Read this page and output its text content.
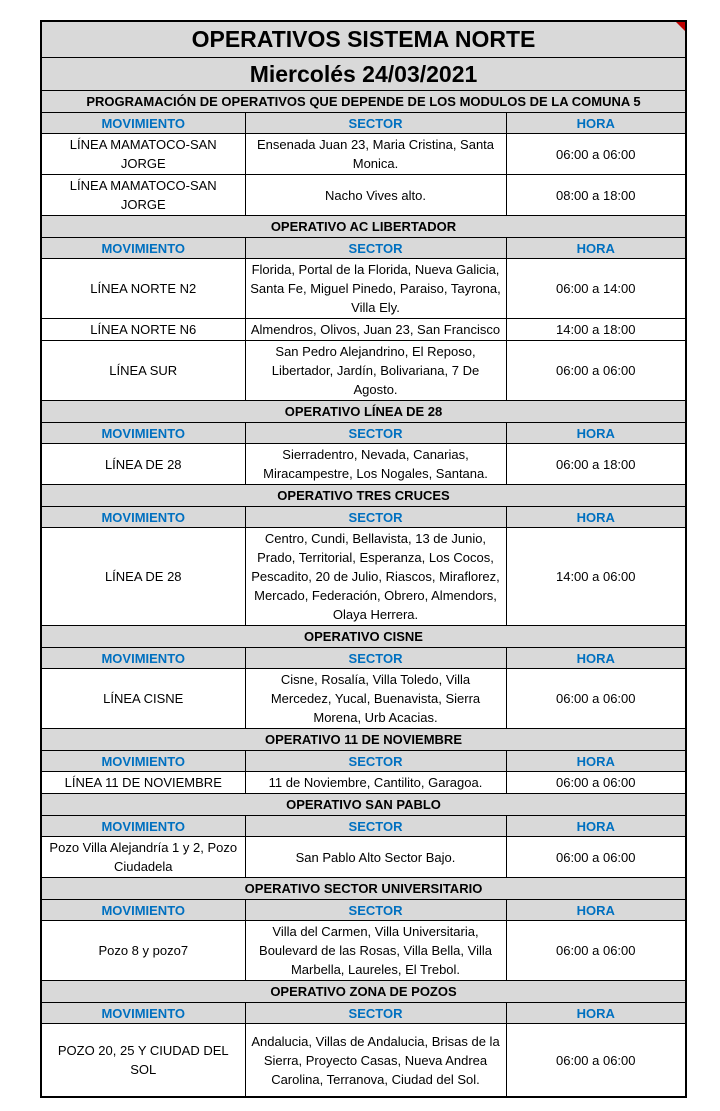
OPERATIVOS SISTEMA NORTE		

Miercolés 24/03/2021		
PROGRAMACIÓN DE OPERATIVOS QUE DEPENDE DE LOS MODULOS DE LA COMUNA 5		
MOVIMIENTO	SECTOR	HORA
LÍNEA MAMATOCO-SAN JORGE	Ensenada Juan 23, Maria Cristina, Santa Monica.	06:00 a 06:00
LÍNEA MAMATOCO-SAN JORGE	Nacho Vives alto.	08:00 a 18:00
OPERATIVO AC LIBERTADOR		
MOVIMIENTO	SECTOR	HORA
LÍNEA NORTE N2	Florida, Portal de la Florida, Nueva Galicia, Santa Fe, Miguel Pinedo, Paraiso, Tayrona, Villa Ely.	06:00 a 14:00
LÍNEA NORTE N6	Almendros, Olivos, Juan 23, San Francisco	14:00 a 18:00
LÍNEA SUR	San Pedro Alejandrino, El Reposo, Libertador, Jardín, Bolivariana, 7 De Agosto.	06:00 a 06:00
OPERATIVO LÍNEA DE 28		
MOVIMIENTO	SECTOR	HORA
LÍNEA DE 28	Sierradentro, Nevada, Canarias, Miracampestre, Los Nogales, Santana.	06:00 a 18:00
OPERATIVO TRES CRUCES		
MOVIMIENTO	SECTOR	HORA
LÍNEA DE 28	Centro, Cundi, Bellavista, 13 de Junio, Prado, Territorial, Esperanza, Los Cocos, Pescadito, 20 de Julio, Riascos, Miraflorez, Mercado, Federación, Obrero, Almendors, Olaya Herrera.	14:00 a 06:00
OPERATIVO CISNE		
MOVIMIENTO	SECTOR	HORA
LÍNEA CISNE	Cisne, Rosalía, Villa Toledo, Villa Mercedez, Yucal, Buenavista, Sierra Morena, Urb Acacias.	06:00 a 06:00
OPERATIVO 11 DE NOVIEMBRE		
MOVIMIENTO	SECTOR	HORA
LÍNEA 11 DE NOVIEMBRE	11 de Noviembre, Cantilito, Garagoa.	06:00 a 06:00
OPERATIVO SAN PABLO		
MOVIMIENTO	SECTOR	HORA
Pozo Villa Alejandría 1 y 2, Pozo Ciudadela	San Pablo Alto Sector Bajo.	06:00 a 06:00
OPERATIVO SECTOR UNIVERSITARIO		
MOVIMIENTO	SECTOR	HORA
Pozo 8 y pozo7	Villa del Carmen, Villa Universitaria, Boulevard de las Rosas, Villa Bella, Villa Marbella, Laureles, El Trebol.	06:00 a 06:00
OPERATIVO ZONA DE POZOS		
MOVIMIENTO	SECTOR	HORA
POZO 20, 25 Y CIUDAD DEL SOL	Andalucia, Villas de Andalucia, Brisas de la Sierra, Proyecto Casas, Nueva Andrea Carolina, Terranova, Ciudad del Sol.	06:00 a 06:00
